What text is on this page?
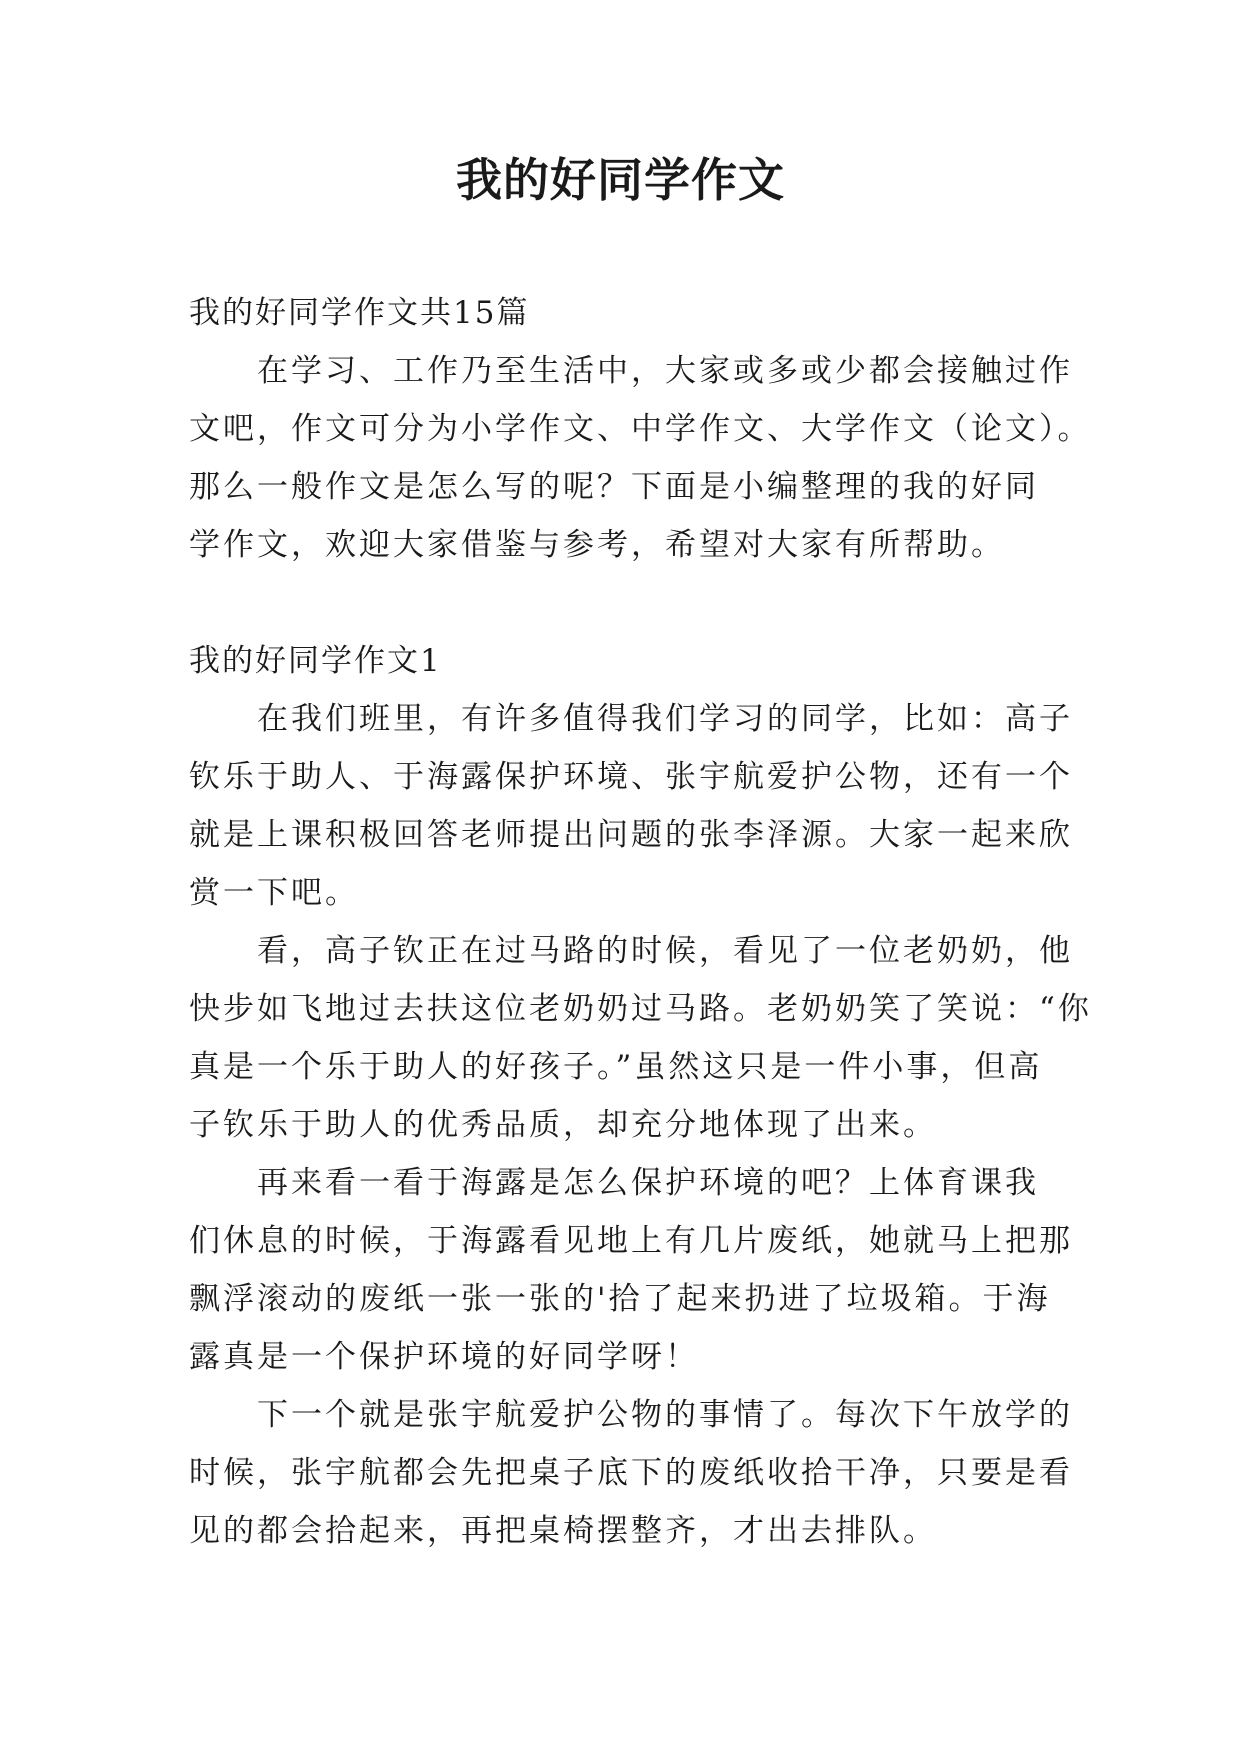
我的好同学作文

我的好同学作文共15篇

在学习、工作乃至生活中，大家或多或少都会接触过作

文吧，作文可分为小学作文、中学作文、大学作文（论文）。

那么一般作文是怎么写的呢？下面是小编整理的我的好同

学作文，欢迎大家借鉴与参考，希望对大家有所帮助。

我的好同学作文1

在我们班里，有许多值得我们学习的同学，比如：高子

钦乐于助人、于海露保护环境、张宇航爱护公物，还有一个

就是上课积极回答老师提出问题的张李泽源。大家一起来欣

赏一下吧。

看，高子钦正在过马路的时候，看见了一位老奶奶，他

快步如飞地过去扶这位老奶奶过马路。老奶奶笑了笑说：“你

真是一个乐于助人的好孩子。”虽然这只是一件小事，但高

子钦乐于助人的优秀品质，却充分地体现了出来。

再来看一看于海露是怎么保护环境的吧？上体育课我

们休息的时候，于海露看见地上有几片废纸，她就马上把那

飘浮滚动的废纸一张一张的'拾了起来扔进了垃圾箱。于海

露真是一个保护环境的好同学呀！

下一个就是张宇航爱护公物的事情了。每次下午放学的

时候，张宇航都会先把桌子底下的废纸收拾干净，只要是看

见的都会拾起来，再把桌椅摆整齐，才出去排队。
